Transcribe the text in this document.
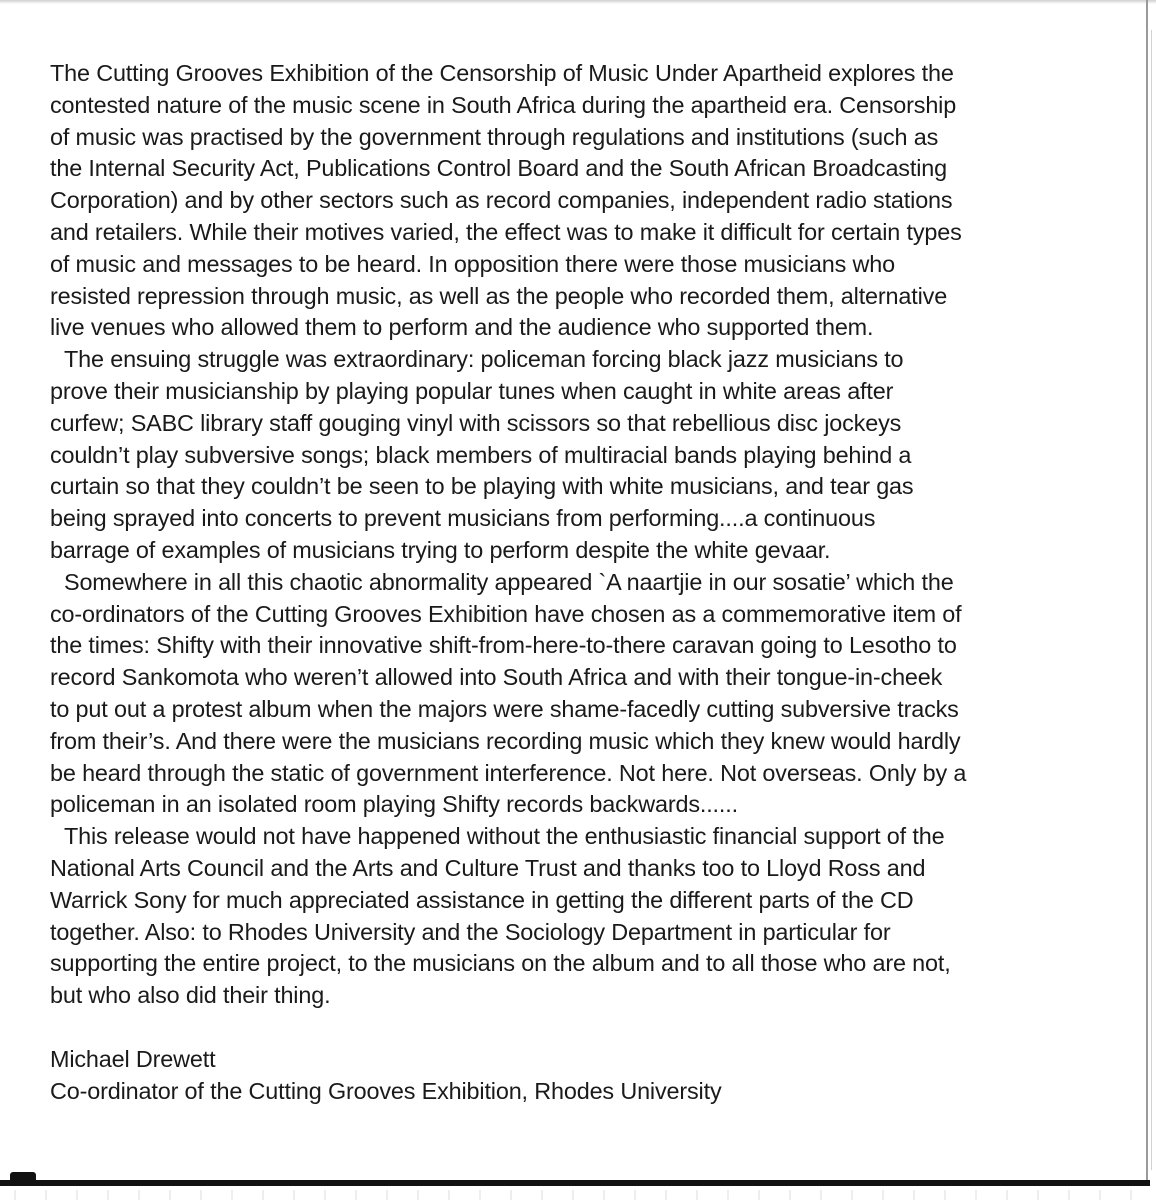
The Cutting Grooves Exhibition of the Censorship of Music Under Apartheid explores the
contested nature of the music scene in South Africa during the apartheid era. Censorship
of music was practised by the government through regulations and institutions (such as
the Internal Security Act, Publications Control Board and the South African Broadcasting
Corporation) and by other sectors such as record companies, independent radio stations
and retailers. While their motives varied, the effect was to make it difficult for certain types
of music and messages to be heard. In opposition there were those musicians who
resisted repression through music, as well as the people who recorded them, alternative
live venues who allowed them to perform and the audience who supported them.

The ensuing struggle was extraordinary: policeman forcing black jazz musicians to
prove their musicianship by playing popular tunes when caught in white areas after
curfew; SABC library staff gouging vinyl with scissors so that rebellious disc jockeys
couldn’t play subversive songs; black members of multiracial bands playing behind a
curtain so that they couldn’t be seen to be playing with white musicians, and tear gas
being sprayed into concerts to prevent musicians from performing....a continuous
barrage of examples of musicians trying to perform despite the white gevaar.

Somewhere in all this chaotic abnormality appeared `A naartjie in our sosatie’ which the
co-ordinators of the Cutting Grooves Exhibition have chosen as a commemorative item of
the times: Shifty with their innovative shift-from-here-to-there caravan going to Lesotho to
record Sankomota who weren’t allowed into South Africa and with their tongue-in-cheek
to put out a protest album when the majors were shame-facedly cutting subversive tracks
from their’s. And there were the musicians recording music which they knew would hardly
be heard through the static of government interference. Not here. Not overseas. Only by a
policeman in an isolated room playing Shifty records backwards......

This release would not have happened without the enthusiastic financial support of the
National Arts Council and the Arts and Culture Trust and thanks too to Lloyd Ross and
Warrick Sony for much appreciated assistance in getting the different parts of the CD
together. Also: to Rhodes University and the Sociology Department in particular for
supporting the entire project, to the musicians on the album and to all those who are not,
but who also did their thing.

Michael Drewett
Co-ordinator of the Cutting Grooves Exhibition, Rhodes University
